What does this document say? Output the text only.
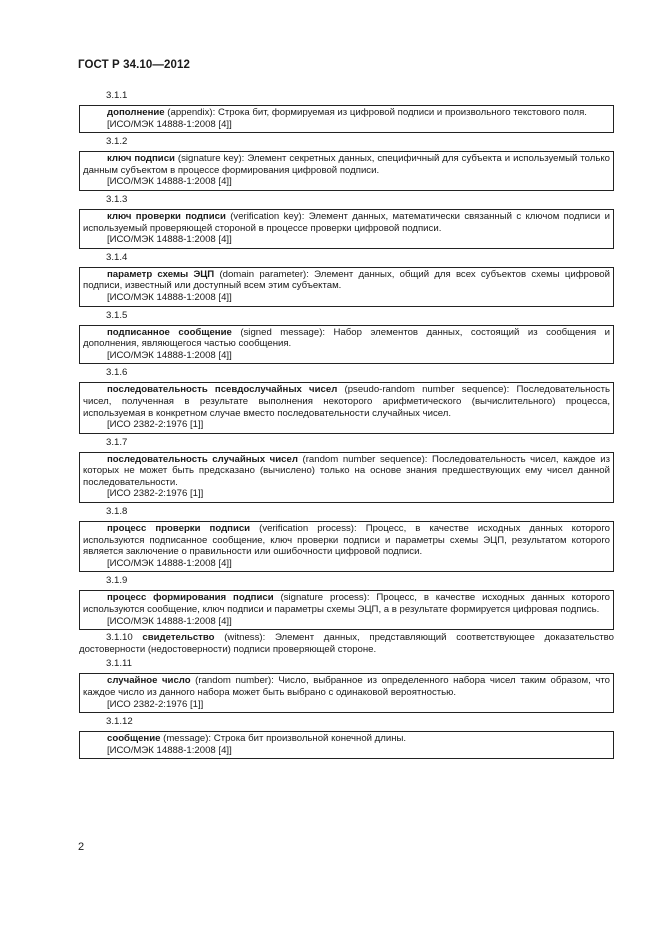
ГОСТ Р 34.10—2012
3.1.1
дополнение (appendix): Строка бит, формируемая из цифровой подписи и произвольного текстового поля.
[ИСО/МЭК 14888-1:2008 [4]]
3.1.2
ключ подписи (signature key): Элемент секретных данных, специфичный для субъекта и используемый только данным субъектом в процессе формирования цифровой подписи.
[ИСО/МЭК 14888-1:2008 [4]]
3.1.3
ключ проверки подписи (verification key): Элемент данных, математически связанный с ключом подписи и используемый проверяющей стороной в процессе проверки цифровой подписи.
[ИСО/МЭК 14888-1:2008 [4]]
3.1.4
параметр схемы ЭЦП (domain parameter): Элемент данных, общий для всех субъектов схемы цифровой подписи, известный или доступный всем этим субъектам.
[ИСО/МЭК 14888-1:2008 [4]]
3.1.5
подписанное сообщение (signed message): Набор элементов данных, состоящий из сообщения и дополнения, являющегося частью сообщения.
[ИСО/МЭК 14888-1:2008 [4]]
3.1.6
последовательность псевдослучайных чисел (pseudo-random number sequence): Последовательность чисел, полученная в результате выполнения некоторого арифметического (вычислительного) процесса, используемая в конкретном случае вместо последовательности случайных чисел.
[ИСО 2382-2:1976 [1]]
3.1.7
последовательность случайных чисел (random number sequence): Последовательность чисел, каждое из которых не может быть предсказано (вычислено) только на основе знания предшествующих ему чисел данной последовательности.
[ИСО 2382-2:1976 [1]]
3.1.8
процесс проверки подписи (verification process): Процесс, в качестве исходных данных которого используются подписанное сообщение, ключ проверки подписи и параметры схемы ЭЦП, результатом которого является заключение о правильности или ошибочности цифровой подписи.
[ИСО/МЭК 14888-1:2008 [4]]
3.1.9
процесс формирования подписи (signature process): Процесс, в качестве исходных данных которого используются сообщение, ключ подписи и параметры схемы ЭЦП, а в результате формируется цифровая подпись.
[ИСО/МЭК 14888-1:2008 [4]]
3.1.10 свидетельство (witness): Элемент данных, представляющий соответствующее доказательство достоверности (недостоверности) подписи проверяющей стороне.
3.1.11
случайное число (random number): Число, выбранное из определенного набора чисел таким образом, что каждое число из данного набора может быть выбрано с одинаковой вероятностью.
[ИСО 2382-2:1976 [1]]
3.1.12
сообщение (message): Строка бит произвольной конечной длины.
[ИСО/МЭК 14888-1:2008 [4]]
2
